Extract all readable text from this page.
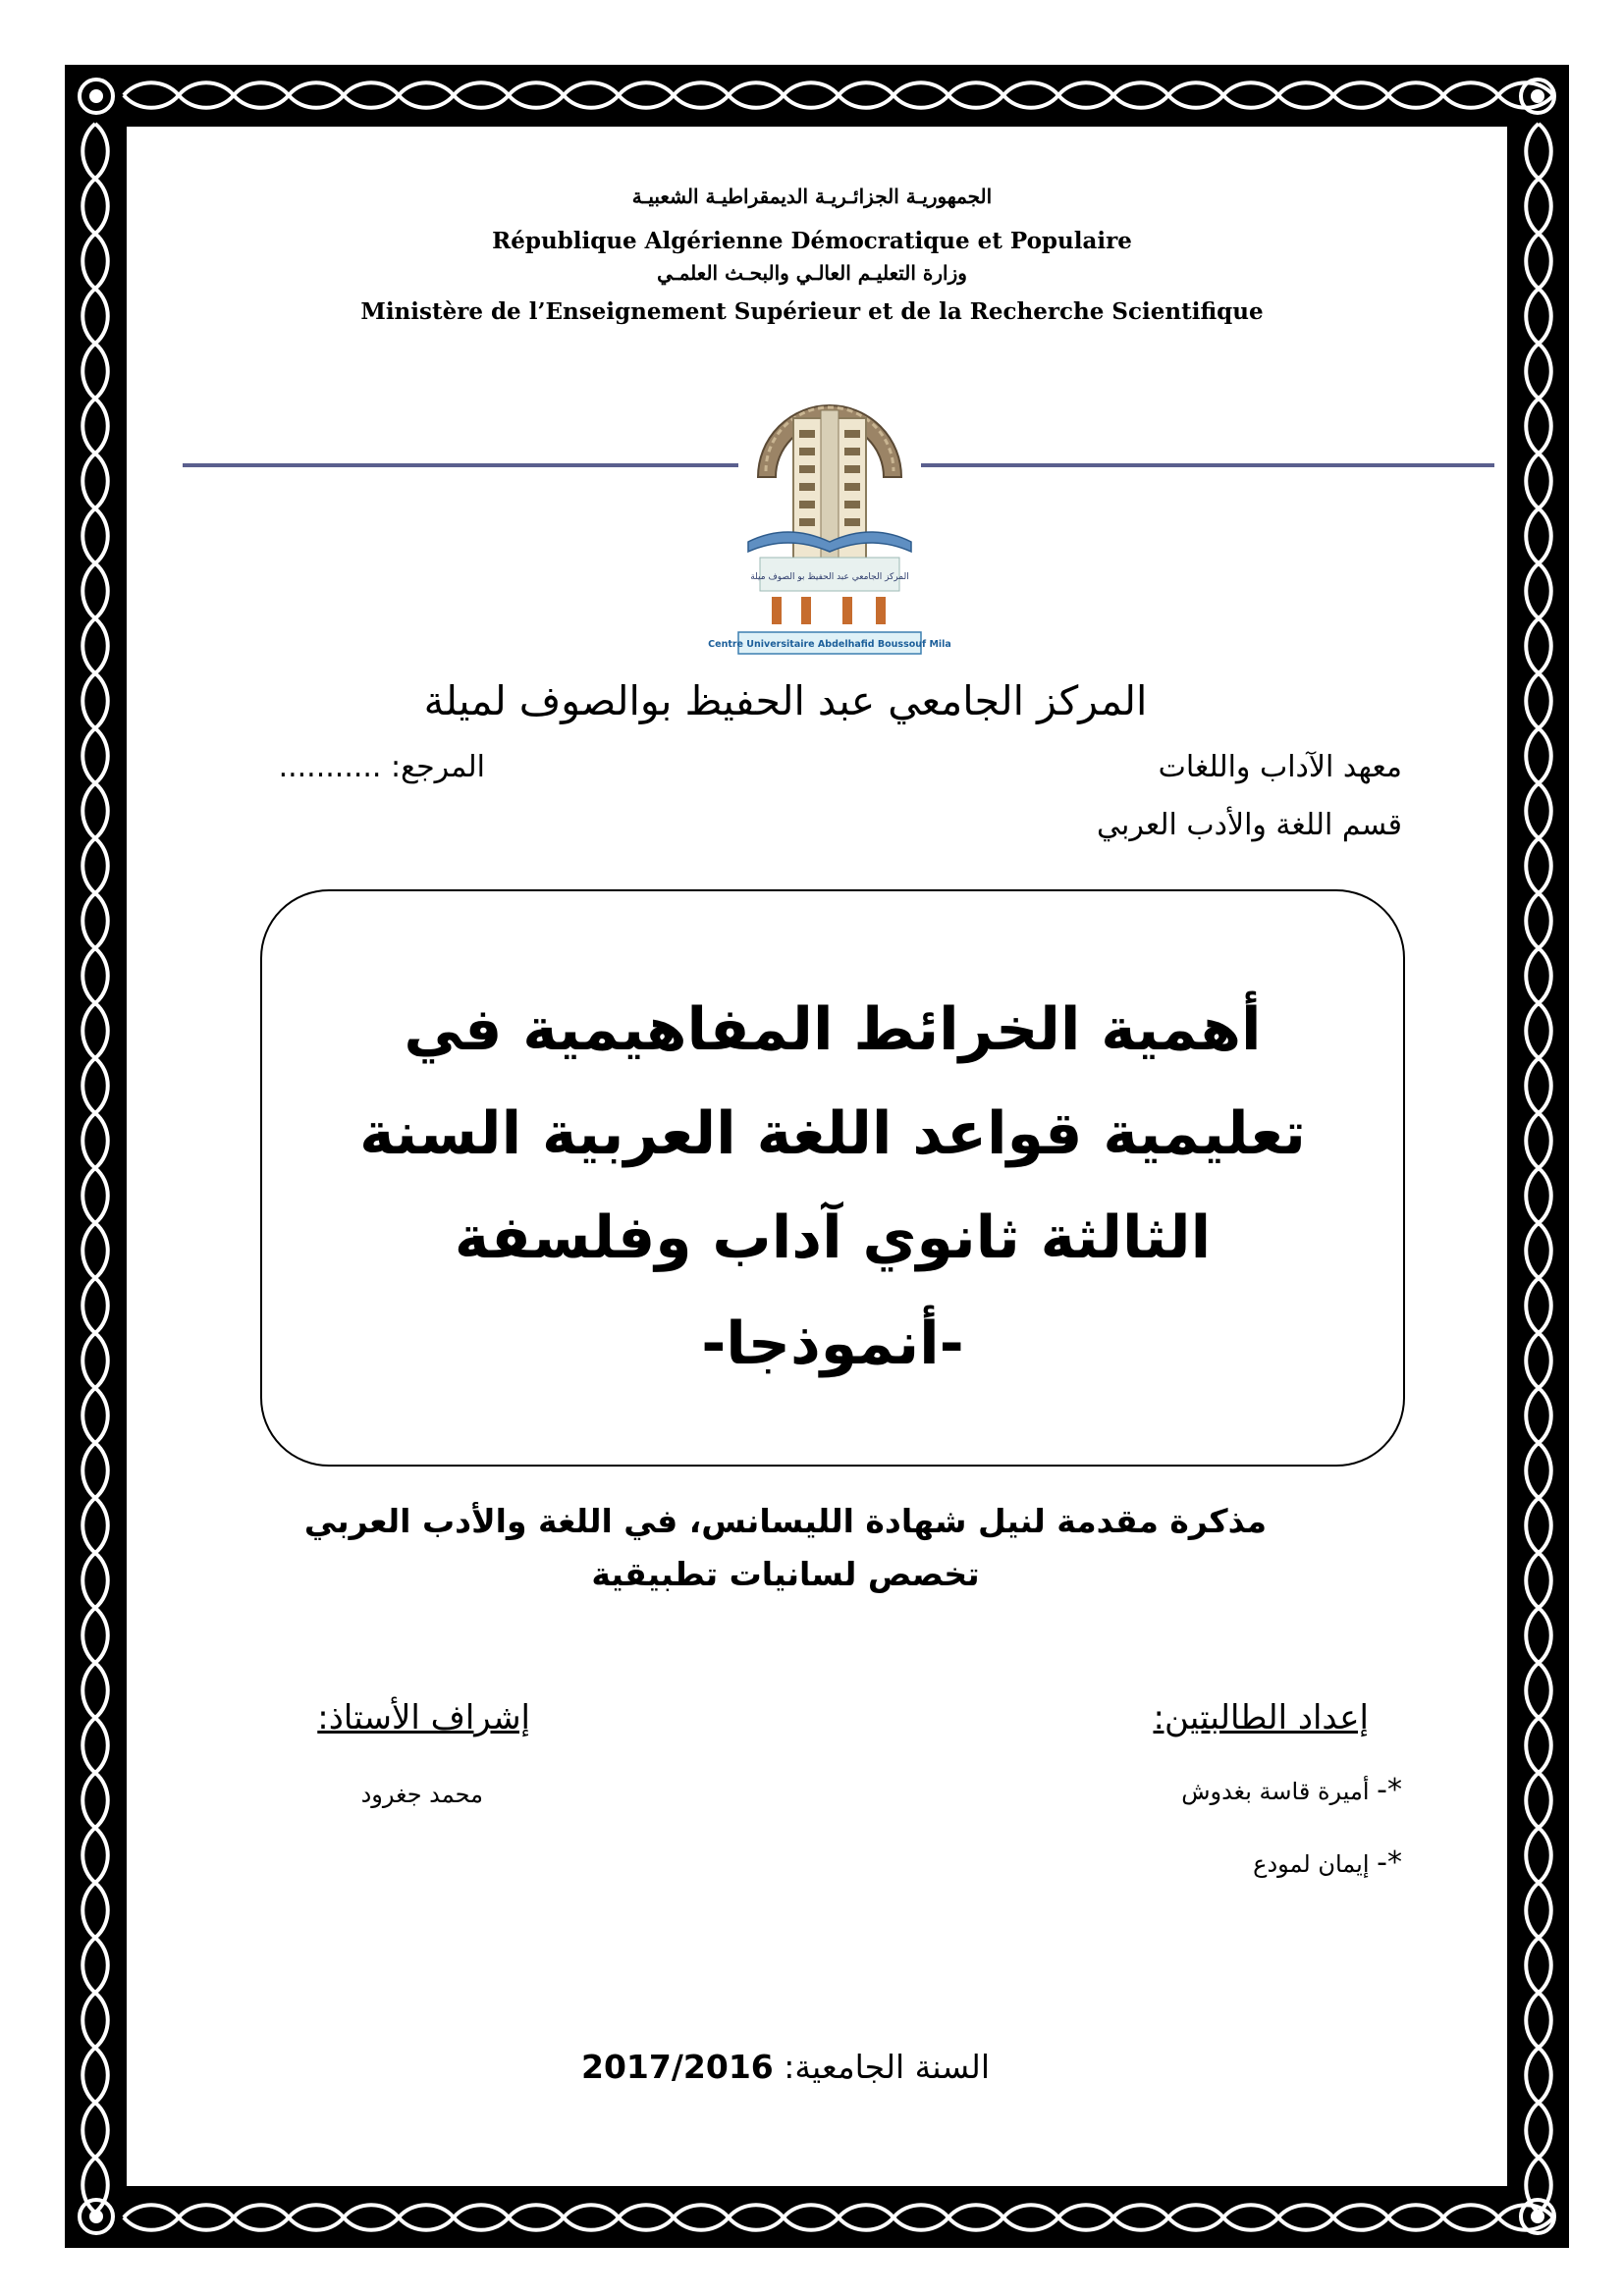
الجمهوريـة الجزائـريـة الديمقراطيـة الشعبيـة
République Algérienne Démocratique et Populaire
وزارة التعليـم العالـي والبحـث العلمـي
Ministère de l’Enseignement Supérieur et de la Recherche Scientifique
المركز الجامعي عبد الحفيظ بو الصوف ميلة
Centre Universitaire Abdelhafid Boussouf Mila
المركز الجامعي عبد الحفيظ بوالصوف لميلة
معهد الآداب واللغات
المرجع: ...........
قسم اللغة والأدب العربي
أهمية الخرائط المفاهيمية في
تعليمية قواعد اللغة العربية السنة
الثالثة ثانوي آداب وفلسفة
-أنموذجا-
مذكرة مقدمة لنيل شهادة الليسانس، في اللغة والأدب العربي
تخصص لسانيات تطبيقية
إعداد الطالبتين:
إشراف الأستاذ:
*- أميرة قاسة بغدوش
*- إيمان لمودع
محمد جغرود
السنة الجامعية: 2017/2016
